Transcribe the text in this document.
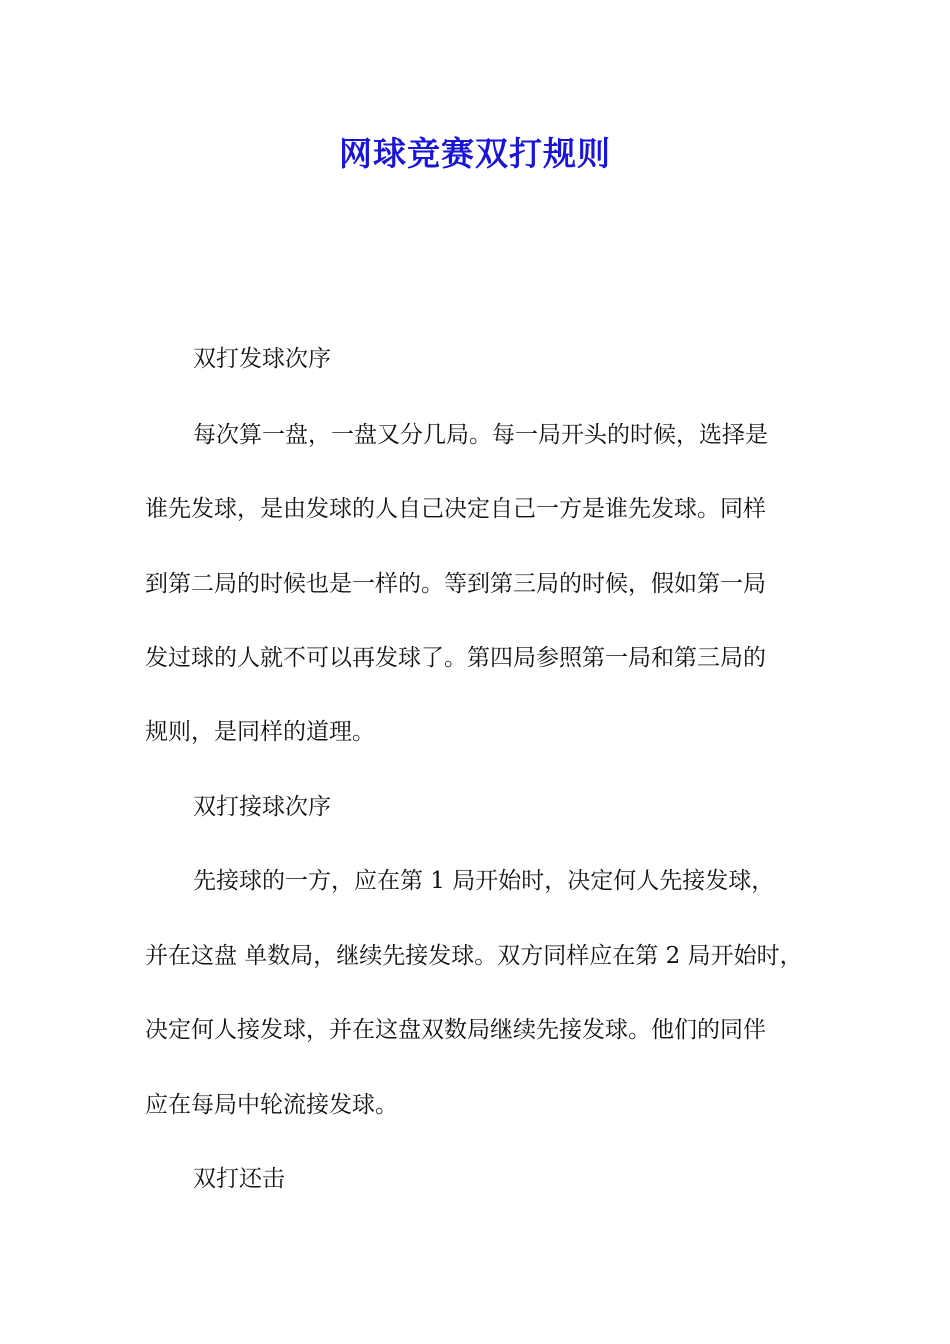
网球竞赛双打规则

双打发球次序

每次算一盘，一盘又分几局。每一局开头的时候，选择是

谁先发球，是由发球的人自己决定自己一方是谁先发球。同样

到第二局的时候也是一样的。等到第三局的时候，假如第一局

发过球的人就不可以再发球了。第四局参照第一局和第三局的

规则，是同样的道理。

双打接球次序

先接球的一方，应在第 1 局开始时，决定何人先接发球，

并在这盘 单数局，继续先接发球。双方同样应在第 2 局开始时，

决定何人接发球，并在这盘双数局继续先接发球。他们的同伴

应在每局中轮流接发球。

双打还击
